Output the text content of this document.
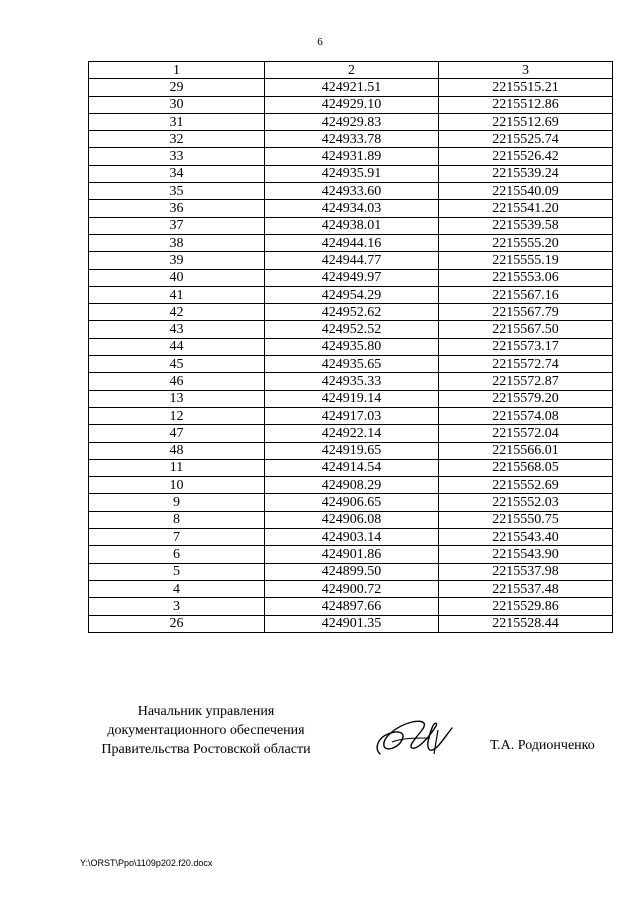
6
1	2	3
29	424921.51	2215515.21
30	424929.10	2215512.86
31	424929.83	2215512.69
32	424933.78	2215525.74
33	424931.89	2215526.42
34	424935.91	2215539.24
35	424933.60	2215540.09
36	424934.03	2215541.20
37	424938.01	2215539.58
38	424944.16	2215555.20
39	424944.77	2215555.19
40	424949.97	2215553.06
41	424954.29	2215567.16
42	424952.62	2215567.79
43	424952.52	2215567.50
44	424935.80	2215573.17
45	424935.65	2215572.74
46	424935.33	2215572.87
13	424919.14	2215579.20
12	424917.03	2215574.08
47	424922.14	2215572.04
48	424919.65	2215566.01
11	424914.54	2215568.05
10	424908.29	2215552.69
9	424906.65	2215552.03
8	424906.08	2215550.75
7	424903.14	2215543.40
6	424901.86	2215543.90
5	424899.50	2215537.98
4	424900.72	2215537.48
3	424897.66	2215529.86
26	424901.35	2215528.44
Начальник управления
документационного обеспечения
Правительства Ростовской области	Т.А. Родионченко
Y:\ORST\Ppo\1109p202.f20.docx
